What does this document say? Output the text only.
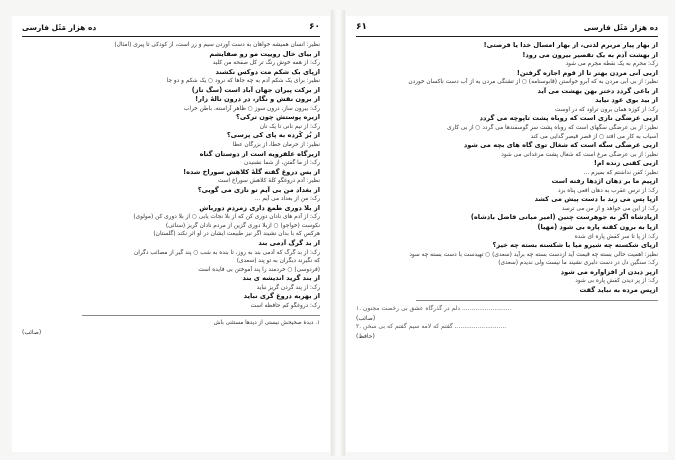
۶۰
ده هزار مَثَل فارسی
نظیر: انسان همیشه خواهان به دست آوردن سیم و زر است، از کودکی تا پیری (امثال)
از بیای خال روییت مو رو صفایشم
رک: از همه خوش رنگ تر کل صفحه من کلید
ازپای بک شکم مت دوکس نکشند
نظیر: برای یک شکم آدم به چه جاها که نرود ○ یک شکم و دو جا
از برکت پیران جهان آباد است (سگ تاز)
از برون نقش و نگار، در درون نالهٔ زار!
رک: بیرون ساز، درون سوز ○ ظاهر آراسته، باطن خراب
ازبره پوستش چون ترکی؟
رک: از نیم نانی تا یک نان
از بُز کُرده به پای کی پرسی؟
نظیر: از حرمان خطا، از بزرگان عطا
ازبرگاه علفرویه است از دوستان گناه
رک: از ما گفتن، از شما نشنیدن
از بس دروغ گفته گُلُهٔ کلاهش سوراخ شده!
نظیر: آدم دروغگو کُلهٔ کلاهش سوراخ است
از بغداد من بی آیم تو نازی می گویی؟
رک: من از بغداد می آیم ...
از بلا دوری طمع داری زمردم دورباش
رک: از آدم های نادان دوری کن که از بلا نجات یابی ○ از بلا دوری کن (مولوی)
نکوست (خواجو) ○ ازبلا دوری گزین از مردم نادان گریز (سنائی)
هرکس که با بدان نشیند اگر نیز طبیعت ایشان در او اثر نکند (گلستان)
از بد گرگ آدمی بند
رک: از بد گرگ که آدمی بند به روز، تا بنده به شب ○ پند گیر از مصائب دگران
که نگیرند دیگران به تو پند (سعدی)
(فردوسی) ○ خردمند را پند آموختن بی فایده است
از بند گرید اندیشه ی بند
رک: از پند گردن گریز نباید
از بهربه دروغ گری نباید
رک: دروغگو کم حافظه است
۱. دیدهٔ صحیحش نیستی از دیدها مستثنی باش
(صائب)
ده هزار مَثَل فارسی
۶۱
از بهار پیار مربرم لذتی، از بهار امسال خدا یا فرصتی!
از بهشت آدم به یک تقصیر بیرون می رود!
رک: محرم به یک نقطه مجرم می شود
ازبی آنی مردن بهتر تا از قوم اجازه گرفتن!
نظیر: از بی آبی مردن به که آبرو خواستن (قابوسنامه) ○ از تشنگی مردن به از آب دست ناکسان خوردن
از باعی گردد دختر بهن بهشت می آید
از بید بوی عود نیاید
رک: از کوزه همان برون تراود که در اوست
ازبی عرضگی نازی است که روباه پشت تاپوچه می گردد
نظیر: از بی عرضگی سگهای است که روباه پشت سر گوسفندها می گردد ○ از بی کاری
آسیاب به کار می افتد ○ از قصر قیصر گدایی می کند
ازبی عرضگی سگه است که شغال توی گاه های بچه می شود
نظیر: از بی عرضگی مرغ است که شغال پشت مرغدانی می شود
ازبی کفنی زنده ام!
نظیر: کفن نداشتم که بمیرم ...
ازپیم ما بر دهان اژدها رفته است
رک: از ترس عقرب به دهان افعی پناه برد
ازپا پس می زند با دست پیش می کشد
رک: از این می خواهد و از من می ترسد
ازپادشاه اگر به جوهرست چنین (امیر میانی فاضل بادشاه)
ازپا به برون کفنه پاره بی شود (مهیا)
رک: از پا تا سر کفش پاره ای شده
ازپای شکسته چه شیرو میا با شکسته بسته چه خیز؟
نظیر: اهمیت حالی بسته چه قیمت آید ازدست بسته چه برآید (سعدی) ○ تهیدست با دست بسته چه سود
رک: سنگین دل در دست دلبری نشیند ما نیست ولی ندیدم (سعدی)
ازپر دیدن ار افزاواره می شود
رک: از پر دیدن کفش پاره بی شود
ازپس مرده به نباید گفت
۱. دلم در گذرگاه عشق بی رخصت مجنون ..........................
(صائب)
۲. گفتم که لامه سیم گفتم که بی سخن ...........................
(حافظ)
